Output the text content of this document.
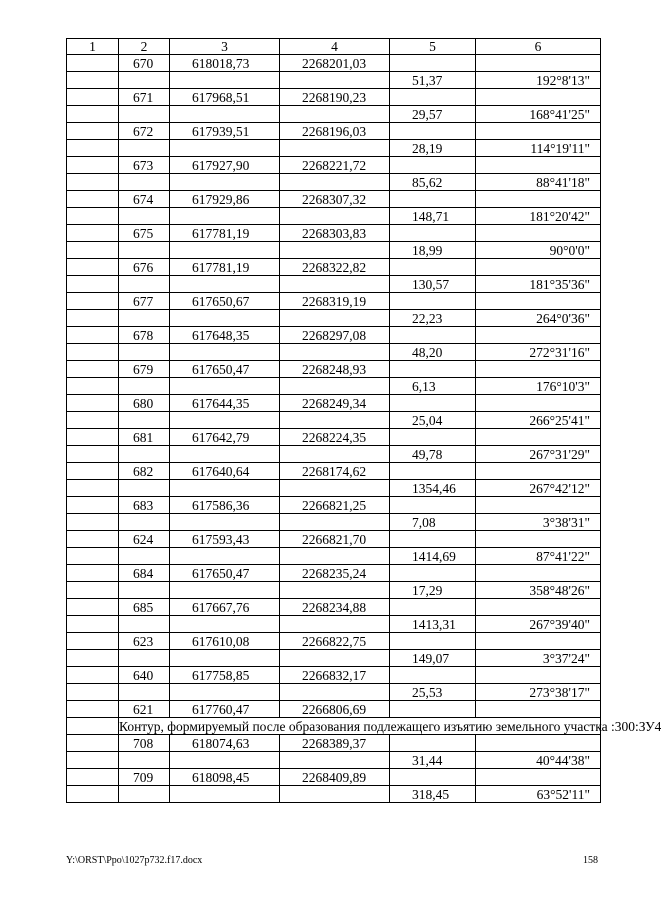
1	2	3	4	5	6
	670	618018,73	2268201,03		
				51,37	192°8'13"
	671	617968,51	2268190,23		
				29,57	168°41'25"
	672	617939,51	2268196,03		
				28,19	114°19'11"
	673	617927,90	2268221,72		
				85,62	88°41'18"
	674	617929,86	2268307,32		
				148,71	181°20'42"
	675	617781,19	2268303,83		
				18,99	90°0'0"
	676	617781,19	2268322,82		
				130,57	181°35'36"
	677	617650,67	2268319,19		
				22,23	264°0'36"
	678	617648,35	2268297,08		
				48,20	272°31'16"
	679	617650,47	2268248,93		
				6,13	176°10'3"
	680	617644,35	2268249,34		
				25,04	266°25'41"
	681	617642,79	2268224,35		
				49,78	267°31'29"
	682	617640,64	2268174,62		
				1354,46	267°42'12"
	683	617586,36	2266821,25		
				7,08	3°38'31"
	624	617593,43	2266821,70		
				1414,69	87°41'22"
	684	617650,47	2268235,24		
				17,29	358°48'26"
	685	617667,76	2268234,88		
				1413,31	267°39'40"
	623	617610,08	2266822,75		
				149,07	3°37'24"
	640	617758,85	2266832,17		
				25,53	273°38'17"
	621	617760,47	2266806,69		
	Контур, формируемый после образования подлежащего изъятию земельного участка :300:ЗУ4				
	708	618074,63	2268389,37		
				31,44	40°44'38"
	709	618098,45	2268409,89		
				318,45	63°52'11"
Y:\ORST\Ppo\1027p732.f17.docx	158
